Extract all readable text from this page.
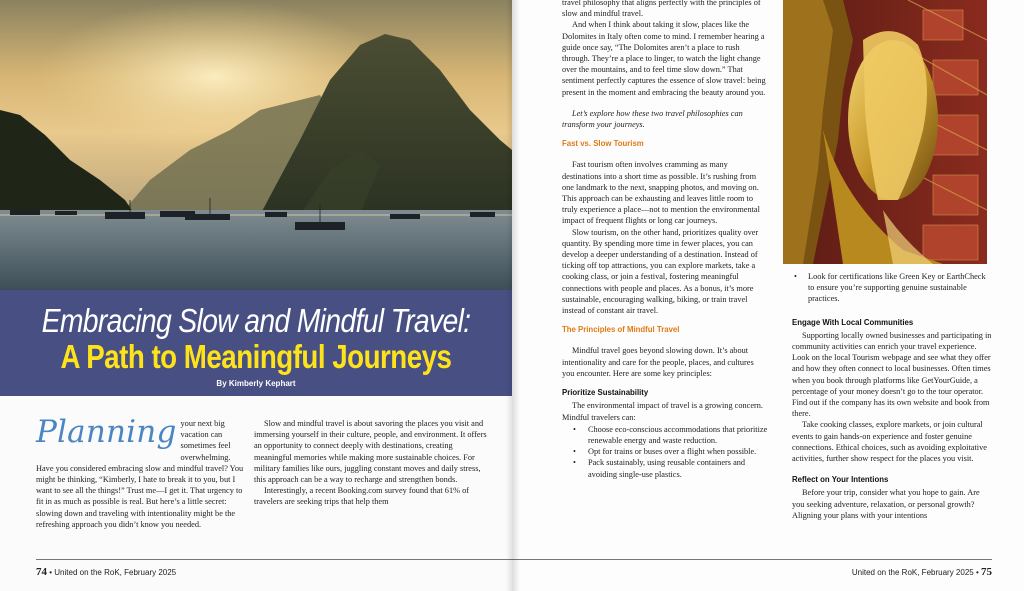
Embracing Slow and Mindful Travel:
A Path to Meaningful Journeys
By Kimberly Kephart
Planning your next big vacation can sometimes feel overwhelming. Have you considered embracing slow and mindful travel? You might be thinking, “Kimberly, I hate to break it to you, but I want to see all the things!” Trust me—I get it. That urgency to fit in as much as possible is real. But here’s a little secret: slowing down and traveling with intentionality might be the refreshing approach you didn’t know you needed.

Slow and mindful travel is about savoring the places you visit and immersing yourself in their culture, people, and environment. It offers an opportunity to connect deeply with destinations, creating meaningful memories while making more sustainable choices. For military families like ours, juggling constant moves and daily stress, this approach can be a way to recharge and strengthen bonds.

Interestingly, a recent Booking.com survey found that 61% of travelers are seeking trips that help them

74 • United on the RoK, February 2025

travel philosophy that aligns perfectly with the principles of slow and mindful travel.

And when I think about taking it slow, places like the Dolomites in Italy often come to mind. I remember hearing a guide once say, “The Dolomites aren’t a place to rush through. They’re a place to linger, to watch the light change over the mountains, and to feel time slow down.” That sentiment perfectly captures the essence of slow travel: being present in the moment and embracing the beauty around you.

Let’s explore how these two travel philosophies can transform your journeys.

Fast vs. Slow Tourism

Fast tourism often involves cramming as many destinations into a short time as possible. It’s rushing from one landmark to the next, snapping photos, and moving on. This approach can be exhausting and leaves little room to truly experience a place—not to mention the environmental impact of frequent flights or long car journeys.

Slow tourism, on the other hand, prioritizes quality over quantity. By spending more time in fewer places, you can develop a deeper understanding of a destination. Instead of ticking off top attractions, you can explore markets, take a cooking class, or join a festival, fostering meaningful connections with people and places. As a bonus, it’s more sustainable, encouraging walking, biking, or train travel instead of constant air travel.

The Principles of Mindful Travel

Mindful travel goes beyond slowing down. It’s about intentionality and care for the people, places, and cultures you encounter. Here are some key principles:

Prioritize Sustainability

The environmental impact of travel is a growing concern. Mindful travelers can:

• Choose eco-conscious accommodations that prioritize renewable energy and waste reduction.
• Opt for trains or buses over a flight when possible.
• Pack sustainably, using reusable containers and avoiding single-use plastics.
• Look for certifications like Green Key or EarthCheck to ensure you’re supporting genuine sustainable practices.
Engage With Local Communities

Supporting locally owned businesses and participating in community activities can enrich your travel experience. Look on the local Tourism webpage and see what they offer and how they often connect to local businesses. Often times when you book through platforms like GetYourGuide, a percentage of your money doesn’t go to the tour operator. Find out if the company has its own website and book from there.

Take cooking classes, explore markets, or join cultural events to gain hands-on experience and foster genuine connections. Ethical choices, such as avoiding exploitative activities, further show respect for the places you visit.

Reflect on Your Intentions

Before your trip, consider what you hope to gain. Are you seeking adventure, relaxation, or personal growth? Aligning your plans with your intentions

United on the RoK, February 2025 • 75
